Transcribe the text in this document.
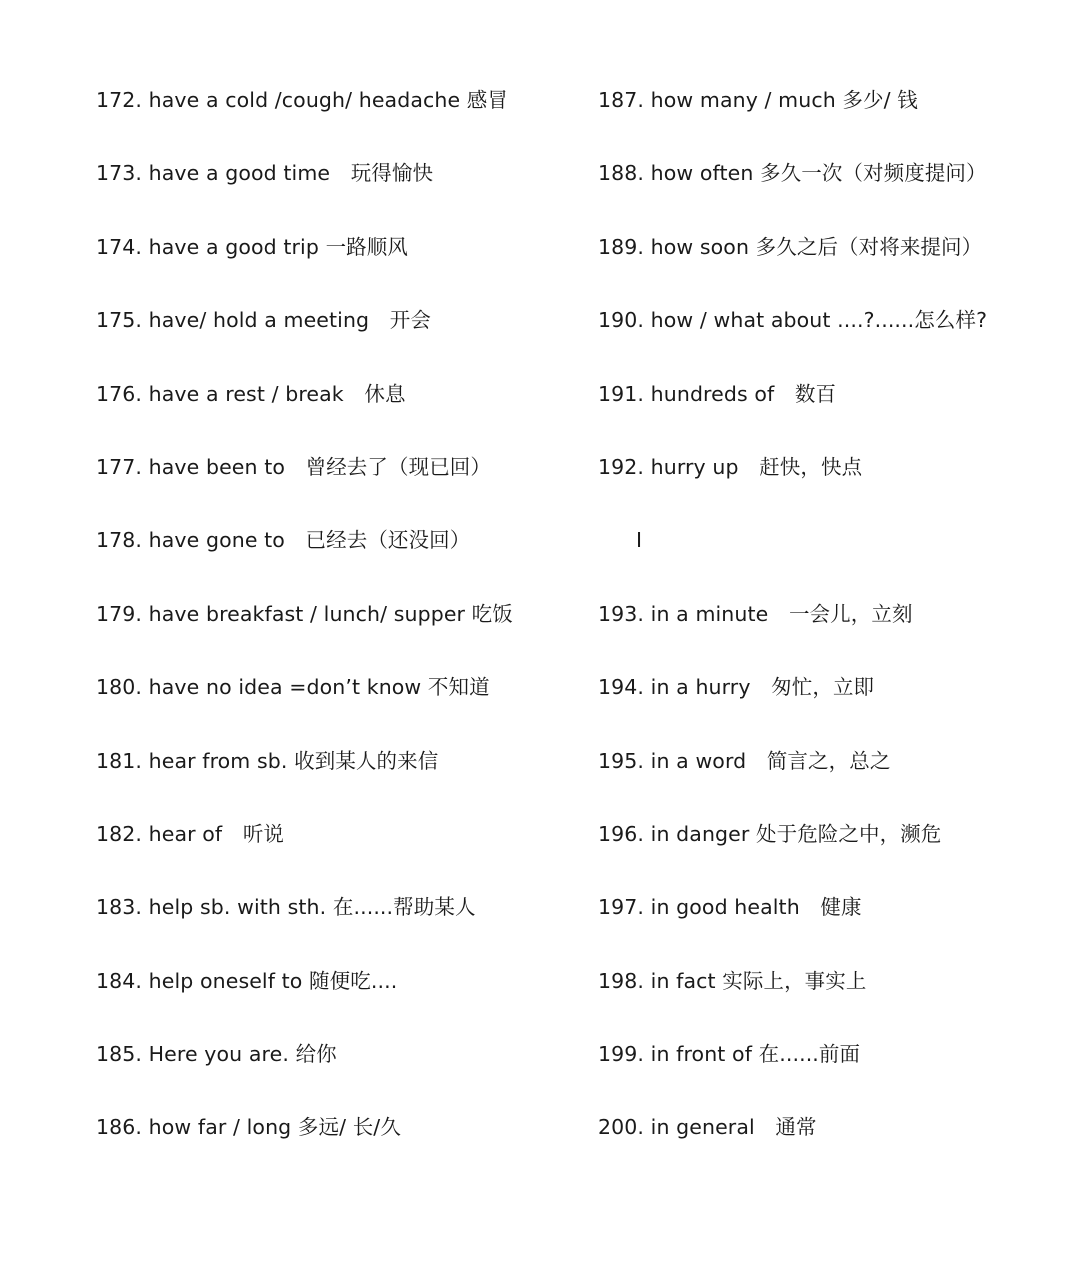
172. have a cold /cough/ headache 感冒
173. have a good time　玩得愉快
174. have a good trip 一路顺风
175. have/ hold a meeting　开会
176. have a rest / break　休息
177. have been to　曾经去了（现已回）
178. have gone to　已经去（还没回）
179. have breakfast / lunch/ supper 吃饭
180. have no idea =don’t know 不知道
181. hear from sb. 收到某人的来信
182. hear of　听说
183. help sb. with sth. 在......帮助某人
184. help oneself to 随便吃....
185. Here you are. 给你
186. how far / long 多远/ 长/久
187. how many / much 多少/ 钱
188. how often 多久一次（对频度提问）
189. how soon 多久之后（对将来提问）
190. how / what about ....?......怎么样?
191. hundreds of　数百
192. hurry up　赶快，快点
I
193. in a minute　一会儿，立刻
194. in a hurry　匆忙，立即
195. in a word　简言之，总之
196. in danger 处于危险之中，濒危
197. in good health　健康
198. in fact 实际上，事实上
199. in front of 在......前面
200. in general　通常
